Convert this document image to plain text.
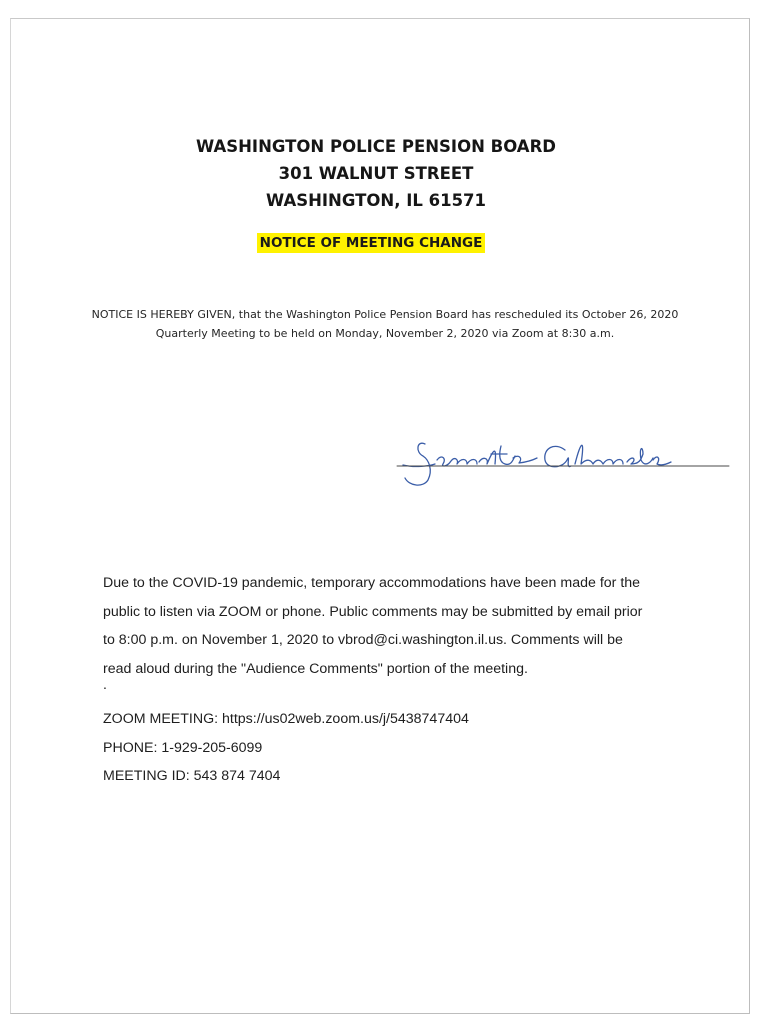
WASHINGTON POLICE PENSION BOARD
301 WALNUT STREET
WASHINGTON, IL 61571
NOTICE OF MEETING CHANGE
NOTICE IS HEREBY GIVEN, that the Washington Police Pension Board has rescheduled its October 26, 2020
Quarterly Meeting to be held on Monday, November 2, 2020 via Zoom at 8:30 a.m.
Due to the COVID-19 pandemic, temporary accommodations have been made for the
public to listen via ZOOM or phone. Public comments may be submitted by email prior
to 8:00 p.m. on November 1, 2020 to vbrod@ci.washington.il.us. Comments will be
read aloud during the "Audience Comments" portion of the meeting.
.
ZOOM MEETING: https://us02web.zoom.us/j/5438747404
PHONE: 1-929-205-6099
MEETING ID: 543 874 7404
